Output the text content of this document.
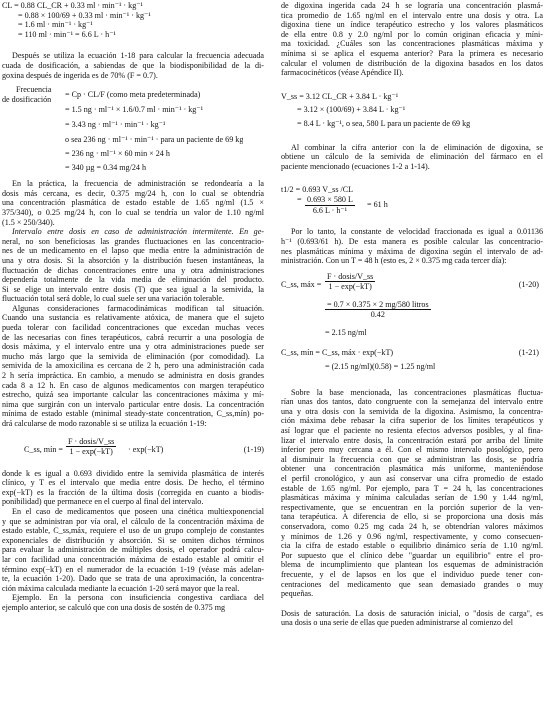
CL = 0.88 CL_CR + 0.33 ml · min⁻¹ · kg⁻¹
= 0.88 × 100/69 + 0.33 ml · min⁻¹ · kg⁻¹
= 1.6 ml · min⁻¹ · kg⁻¹
= 110 ml · min⁻¹ = 6.6 L · h⁻¹
Después se utiliza la ecuación 1-18 para calcular la frecuencia adecuada
cuada de dosificación, a sabiendas de que la biodisponibilidad de la di-
goxina después de ingerida es de 70% (F = 0.7).
Frecuencia
de dosificación
= Cp · CL/F (como meta predeterminada)
= 1.5 ng · ml⁻¹ × 1.6/0.7 ml · min⁻¹ · kg⁻¹
= 3.43 ng · ml⁻¹ · min⁻¹ · kg⁻¹
o sea 236 ng · ml⁻¹ · min⁻¹ · para un paciente de 69 kg
= 236 ng · ml⁻¹ × 60 min × 24 h
= 340 µg = 0.34 mg/24 h
En la práctica, la frecuencia de administración se redondearía a la
dosis más cercana, es decir, 0.375 mg/24 h, con lo cual se obtendría
una concentración plasmática de estado estable de 1.65 ng/ml (1.5 ×
375/340), o 0.25 mg/24 h, con lo cual se tendría un valor de 1.10 ng/ml
(1.5 × 250/340).
Intervalo entre dosis en caso de administración intermitente. En ge-
neral, no son beneficiosas las grandes fluctuaciones en las concentracio-
nes de un medicamento en el lapso que media entre la administración de
una y otra dosis. Si la absorción y la distribución fuesen instantáneas, la
fluctuación de dichas concentraciones entre una y otra administraciones
dependería totalmente de la vida media de eliminación del producto.
Si se elige un intervalo entre dosis (T) que sea igual a la semivida, la
fluctuación total será doble, lo cual suele ser una variación tolerable.
Algunas consideraciones farmacodinámicas modifican tal situación.
Cuando una sustancia es relativamente atóxica, de manera que el sujeto
pueda tolerar con facilidad concentraciones que excedan muchas veces
de las necesarias con fines terapéuticos, cabrá recurrir a una posología de
dosis máxima, y el intervalo entre una y otra administraciones puede ser
mucho más largo que la semivida de eliminación (por comodidad). La
semivida de la amoxicilina es cercana de 2 h, pero una administración cada
2 h sería impráctica. En cambio, a menudo se administra en dosis grandes
cada 8 a 12 h. En caso de algunos medicamentos con margen terapéutico
estrecho, quizá sea importante calcular las concentraciones máxima y mí-
nima que surgirán con un intervalo particular entre dosis. La concentración
mínima de estado estable (minimal steady-state concentration, C_ss,mín) po-
drá calcularse de modo razonable si se utiliza la ecuación 1-19:
C_ss, mín =
F · dosis/V_ss
1 − exp(−kT)	· exp(−kT)	(1-19)
donde k es igual a 0.693 dividido entre la semivida plasmática de interés
clínico, y T es el intervalo que media entre dosis. De hecho, el término
exp(−kT) es la fracción de la última dosis (corregida en cuanto a biodis-
ponibilidad) que permanece en el cuerpo al final del intervalo.
En el caso de medicamentos que poseen una cinética multiexponencial
y que se administran por vía oral, el cálculo de la concentración máxima de
estado estable, C_ss,máx, requiere el uso de un grupo complejo de constantes
exponenciales de distribución y absorción. Si se omiten dichos términos
para evaluar la administración de múltiples dosis, el operador podrá calcu-
lar con facilidad una concentración máxima de estado estable al omitir el
término exp(−kT) en el numerador de la ecuación 1-19 (véase más adelan-
te, la ecuación 1-20). Dado que se trata de una aproximación, la concentra-
ción máxima calculada mediante la ecuación 1-20 será mayor que la real.
Ejemplo. En la persona con insuficiencia congestiva cardiaca del
ejemplo anterior, se calculó que con una dosis de sostén de 0.375 mg
de digoxina ingerida cada 24 h se lograría una concentración plasmá-
tica promedio de 1.65 ng/ml en el intervalo entre una dosis y otra. La
digoxina tiene un índice terapéutico estrecho y los valores plasmáticos
de ella entre 0.8 y 2.0 ng/ml por lo común originan eficacia y míni-
ma toxicidad. ¿Cuáles son las concentraciones plasmáticas máxima y
mínima si se aplica el esquema anterior? Para la primera es necesario
calcular el volumen de distribución de la digoxina basados en los datos
farmacocinéticos (véase Apéndice II).
V_ss = 3.12 CL_CR + 3.84 L · kg⁻¹
= 3.12 × (100/69) + 3.84 L · kg⁻¹
= 8.4 L · kg⁻¹, o sea, 580 L para un paciente de 69 kg
Al combinar la cifra anterior con la de eliminación de digoxina, se
obtiene un cálculo de la semivida de eliminación del fármaco en el
paciente mencionado (ecuaciones 1-2 a 1-14).
t1/2 = 0.693 V_ss /CL
= $\frac{0.693 \times 580 L}{\text{6.6 L · h⁻¹}} = 61$ h
Por lo tanto, la constante de velocidad fraccionada es igual a 0.01136
h⁻¹ (0.693/61 h). De esta manera es posible calcular las concentracio-
nes plasmáticas mínima y máxima de digoxina según el intervalo de ad-
ministración. Con un T = 48 h (esto es, 2 × 0.375 mg cada tercer día):
C_ss, máx =
F · dosis/V_ss
1 − exp(−kT)	(1-20)
= 0.7 × 0.375 × 2 mg/580 litros
0.42
= 2.15 ng/ml
C_ss, mín = C_ss, máx · exp(−kT)	(1-21)
= (2.15 ng/ml)(0.58) = 1.25 ng/ml
Sobre la base mencionada, las concentraciones plasmáticas fluctua-
rían unas dos tantos, dato congruente con la semejanza del intervalo entre
una y otra dosis con la semivida de la digoxina. Asimismo, la concentra-
ción máxima debe rebasar la cifra superior de los límites terapéuticos y
así lograr que el paciente no resienta efectos adversos posibles, y al fina-
lizar el intervalo entre dosis, la concentración estará por arriba del límite
inferior pero muy cercana a él. Con el mismo intervalo posológico, pero
al disminuir la frecuencia con que se administran las dosis, se podría
obtener una concentración plasmática más uniforme, manteniéndose
el perfil cronológico, y aun así conservar una cifra promedio de estado
estable de 1.65 ng/ml. Por ejemplo, para T = 24 h, las concentraciones
plasmáticas máxima y mínima calculadas serían de 1.90 y 1.44 ng/ml,
respectivamente, que se encuentran en la porción superior de la ven-
tana terapéutica. A diferencia de ello, si se proporciona una dosis más
conservadora, como 0.25 mg cada 24 h, se obtendrían valores máximos
y mínimos de 1.26 y 0.96 ng/ml, respectivamente, y como consecuen-
cia la cifra de estado estable o equilibrio dinámico sería de 1.10 ng/ml.
Por supuesto que el clínico debe "guardar un equilibrio" entre el pro-
blema de incumplimiento que plantean los esquemas de administración
frecuente, y el de lapsos en los que el individuo puede tener con-
centraciones del medicamento que sean demasiado grandes o muy
pequeñas.
Dosis de saturación. La dosis de saturación inicial, o "dosis de carga", es
una dosis o una serie de ellas que pueden administrarse al comienzo del
